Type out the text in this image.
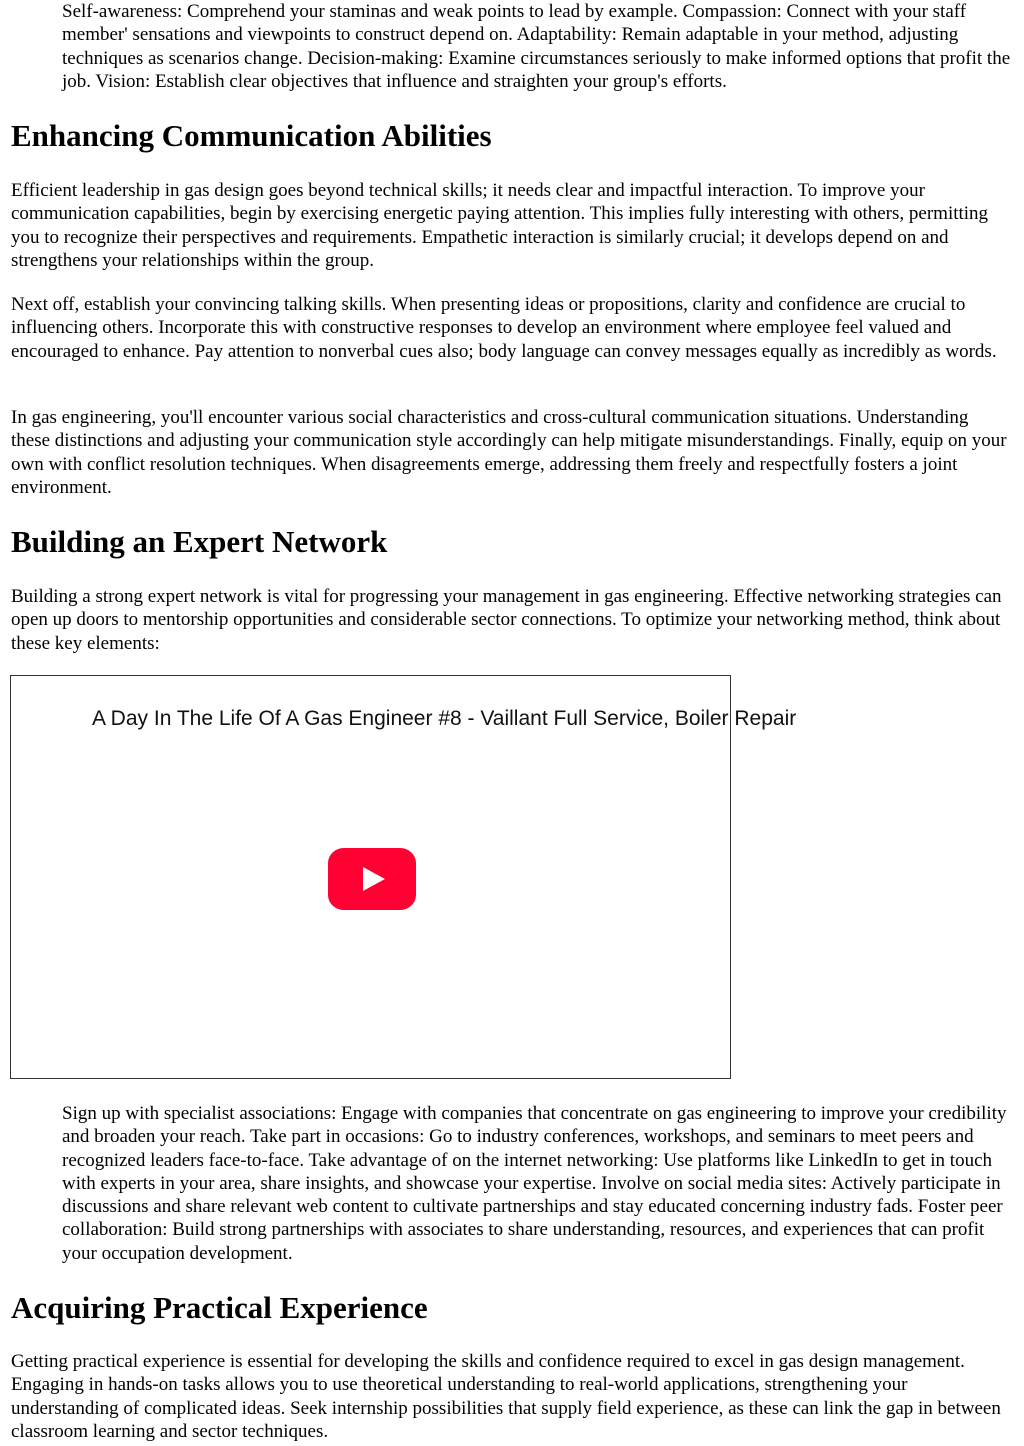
Self-awareness: Comprehend your staminas and weak points to lead by example. Compassion: Connect with your staff member' sensations and viewpoints to construct depend on. Adaptability: Remain adaptable in your method, adjusting techniques as scenarios change. Decision-making: Examine circumstances seriously to make informed options that profit the job. Vision: Establish clear objectives that influence and straighten your group's efforts.

Enhancing Communication Abilities

Efficient leadership in gas design goes beyond technical skills; it needs clear and impactful interaction. To improve your communication capabilities, begin by exercising energetic paying attention. This implies fully interesting with others, permitting you to recognize their perspectives and requirements. Empathetic interaction is similarly crucial; it develops depend on and strengthens your relationships within the group.

Next off, establish your convincing talking skills. When presenting ideas or propositions, clarity and confidence are crucial to influencing others. Incorporate this with constructive responses to develop an environment where employee feel valued and encouraged to enhance. Pay attention to nonverbal cues also; body language can convey messages equally as incredibly as words.

In gas engineering, you'll encounter various social characteristics and cross-cultural communication situations. Understanding these distinctions and adjusting your communication style accordingly can help mitigate misunderstandings. Finally, equip on your own with conflict resolution techniques. When disagreements emerge, addressing them freely and respectfully fosters a joint environment.

Building an Expert Network

Building a strong expert network is vital for progressing your management in gas engineering. Effective networking strategies can open up doors to mentorship opportunities and considerable sector connections. To optimize your networking method, think about these key elements:

A Day In The Life Of A Gas Engineer #8 - Vaillant Full Service, Boiler Repair

Sign up with specialist associations: Engage with companies that concentrate on gas engineering to improve your credibility and broaden your reach. Take part in occasions: Go to industry conferences, workshops, and seminars to meet peers and recognized leaders face-to-face. Take advantage of on the internet networking: Use platforms like LinkedIn to get in touch with experts in your area, share insights, and showcase your expertise. Involve on social media sites: Actively participate in discussions and share relevant web content to cultivate partnerships and stay educated concerning industry fads. Foster peer collaboration: Build strong partnerships with associates to share understanding, resources, and experiences that can profit your occupation development.

Acquiring Practical Experience

Getting practical experience is essential for developing the skills and confidence required to excel in gas design management. Engaging in hands-on tasks allows you to use theoretical understanding to real-world applications, strengthening your understanding of complicated ideas. Seek internship possibilities that supply field experience, as these can link the gap in between classroom learning and sector techniques.
